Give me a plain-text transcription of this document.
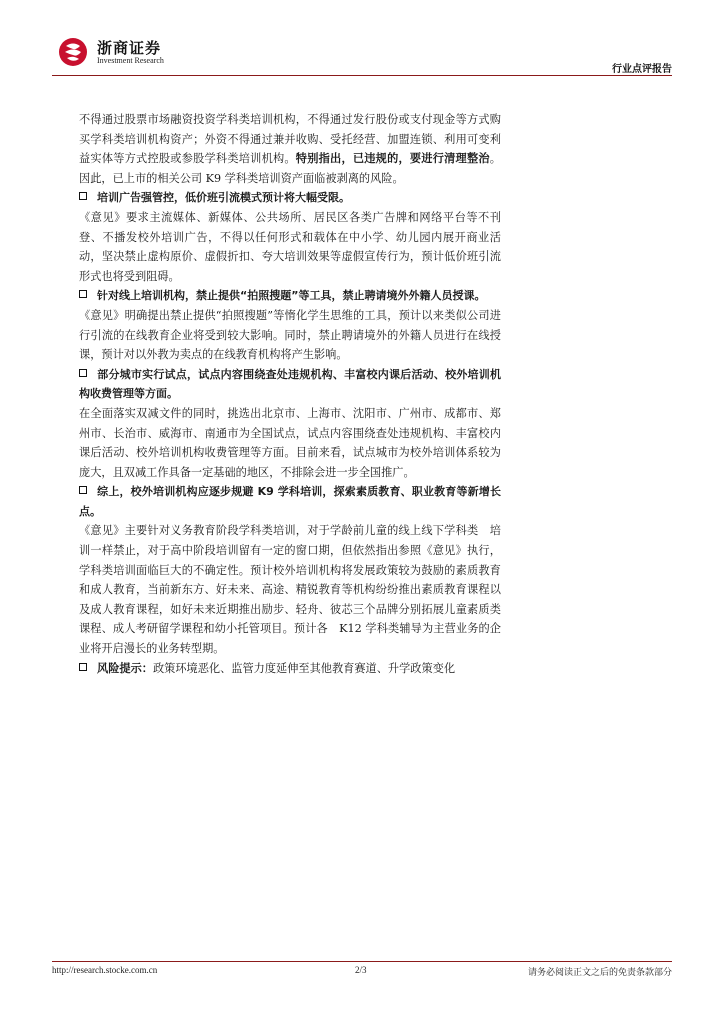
浙商证券
Investment Research
行业点评报告

不得通过股票市场融资投资学科类培训机构，不得通过发行股份或支付现金等方式购买学科类培训机构资产；外资不得通过兼并收购、受托经营、加盟连锁、利用可变利益实体等方式控股或参股学科类培训机构。特别指出，已违规的，要进行清理整治。因此，已上市的相关公司 K9 学科类培训资产面临被剥离的风险。

培训广告强管控，低价班引流模式预计将大幅受限。

《意见》要求主流媒体、新媒体、公共场所、居民区各类广告牌和网络平台等不刊登、不播发校外培训广告，不得以任何形式和载体在中小学、幼儿园内展开商业活动，坚决禁止虚构原价、虚假折扣、夸大培训效果等虚假宣传行为，预计低价班引流形式也将受到阻碍。

针对线上培训机构，禁止提供“拍照搜题”等工具，禁止聘请境外外籍人员授课。

《意见》明确提出禁止提供“拍照搜题”等惰化学生思维的工具，预计以来类似公司进行引流的在线教育企业将受到较大影响。同时，禁止聘请境外的外籍人员进行在线授课，预计对以外教为卖点的在线教育机构将产生影响。

部分城市实行试点，试点内容围绕查处违规机构、丰富校内课后活动、校外培训机构收费管理等方面。

在全面落实双减文件的同时，挑选出北京市、上海市、沈阳市、广州市、成都市、郑州市、长治市、威海市、南通市为全国试点，试点内容围绕查处违规机构、丰富校内课后活动、校外培训机构收费管理等方面。目前来看，试点城市为校外培训体系较为庞大，且双减工作具备一定基础的地区，不排除会进一步全国推广。

综上，校外培训机构应逐步规避 K9 学科培训，探索素质教育、职业教育等新增长点。

《意见》主要针对义务教育阶段学科类培训，对于学龄前儿童的线上线下学科类　培训一样禁止，对于高中阶段培训留有一定的窗口期，但依然指出参照《意见》执行，学科类培训面临巨大的不确定性。预计校外培训机构将发展政策较为鼓励的素质教育和成人教育，当前新东方、好未来、高途、精锐教育等机构纷纷推出素质教育课程以及成人教育课程，如好未来近期推出励步、轻舟、彼芯三个品牌分别拓展儿童素质类课程、成人考研留学课程和幼小托管项目。预计各　K12 学科类辅导为主营业务的企业将开启漫长的业务转型期。

风险提示：政策环境恶化、监管力度延伸至其他教育赛道、升学政策变化

http://research.stocke.com.cn	2/3	请务必阅读正文之后的免责条款部分
